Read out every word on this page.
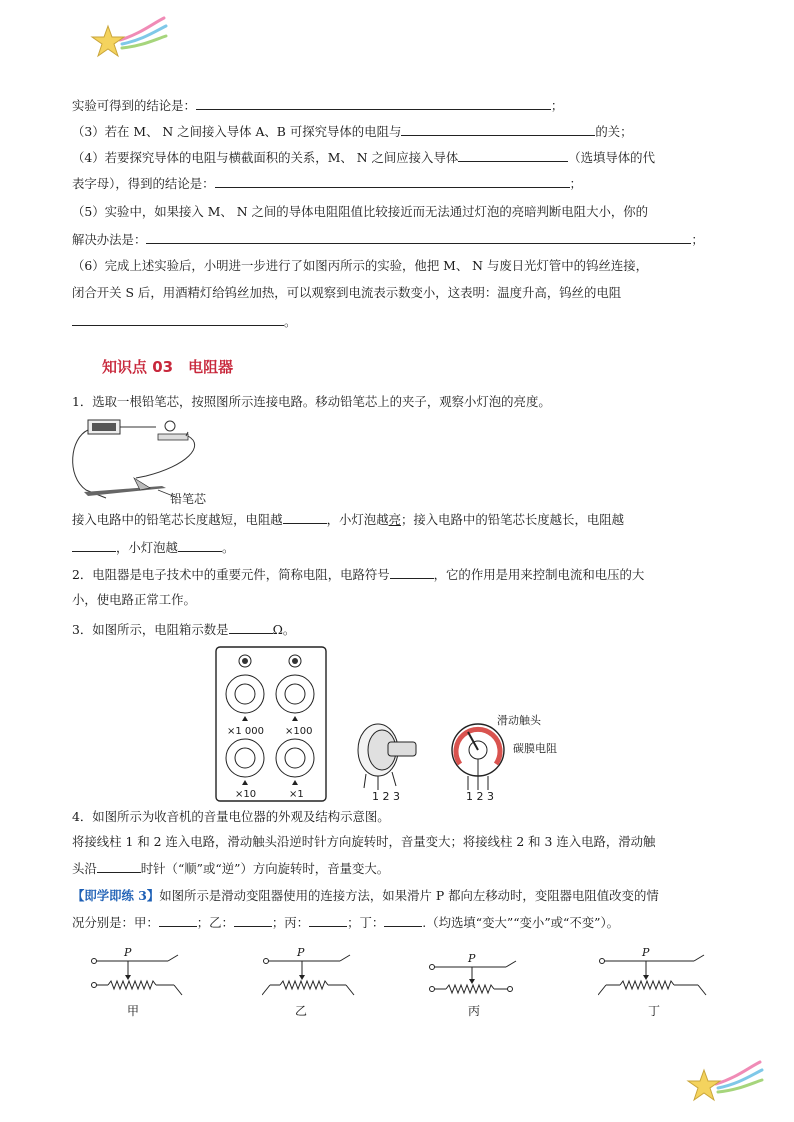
实验可得到的结论是：	；
（3）若在 M、 N 之间接入导体 A、B 可探究导体的电阻与	的关；
（4）若要探究导体的电阻与横截面积的关系，M、 N 之间应接入导体	（选填导体的代
表字母），得到的结论是：	；
（5）实验中，如果接入 M、 N 之间的导体电阻阻值比较接近而无法通过灯泡的亮暗判断电阻大小，你的
解决办法是：	；
（6）完成上述实验后，小明进一步进行了如图丙所示的实验，他把 M、 N 与废日光灯管中的钨丝连接，
闭合开关 S 后，用酒精灯给钨丝加热，可以观察到电流表示数变小，这表明：温度升高，钨丝的电阻
。
知识点 03　电阻器
1．选取一根铅笔芯，按照图所示连接电路。移动铅笔芯上的夹子，观察小灯泡的亮度。
铅笔芯
接入电路中的铅笔芯长度越短，电阻越	，小灯泡越亮；接入电路中的铅笔芯长度越长，电阻越
，小灯泡越	。
2．电阻器是电子技术中的重要元件，简称电阻，电路符号	，它的作用是用来控制电流和电压的大
小，使电路正常工作。
3．如图所示，电阻箱示数是	Ω。
×1 000 ×100
×10	×1	1 2 3
滑动触头
碳膜电阻
1 2 3
4．如图所示为收音机的音量电位器的外观及结构示意图。
将接线柱 1 和 2 连入电路，滑动触头沿逆时针方向旋转时，音量变大；将接线柱 2 和 3 连入电路，滑动触
头沿	时针（“顺”或“逆”）方向旋转时，音量变大。
【即学即练 3】如图所示是滑动变阻器使用的连接方法，如果滑片 P 都向左移动时，变阻器电阻值改变的情
况分别是：甲：	；乙：	；丙：	；丁：	.（均选填“变大”“变小”或“不变”）。
P	P	P	P
甲	乙	丙	丁
